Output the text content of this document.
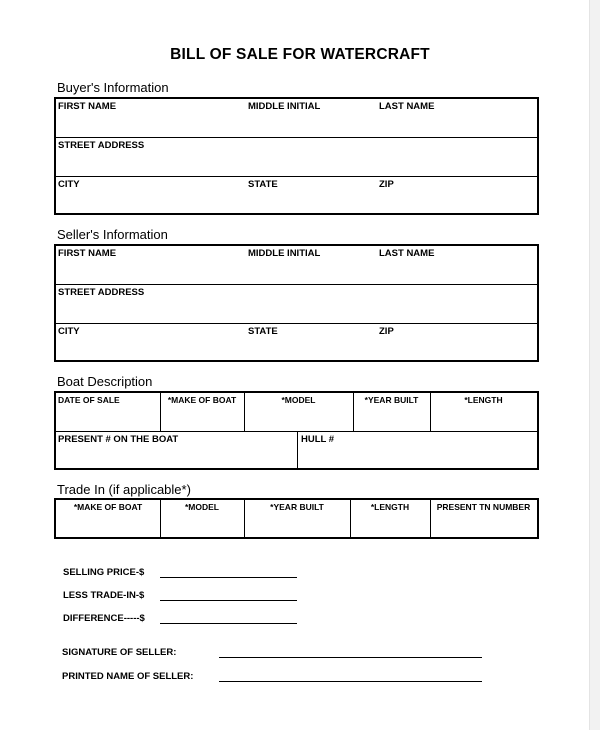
BILL OF SALE FOR WATERCRAFT
Buyer's Information
FIRST NAME	MIDDLE INITIAL	LAST NAME
STREET ADDRESS
CITY	STATE	ZIP
Seller's Information
FIRST NAME	MIDDLE INITIAL	LAST NAME
STREET ADDRESS
CITY	STATE	ZIP
Boat Description
DATE OF SALE	*MAKE OF BOAT	*MODEL	*YEAR BUILT	*LENGTH
PRESENT # ON THE BOAT	HULL #
Trade In (if applicable*)
*MAKE OF BOAT	*MODEL	*YEAR BUILT	*LENGTH	PRESENT TN NUMBER
SELLING PRICE-$
LESS TRADE-IN-$
DIFFERENCE-----$
SIGNATURE OF SELLER:
PRINTED NAME OF SELLER:
